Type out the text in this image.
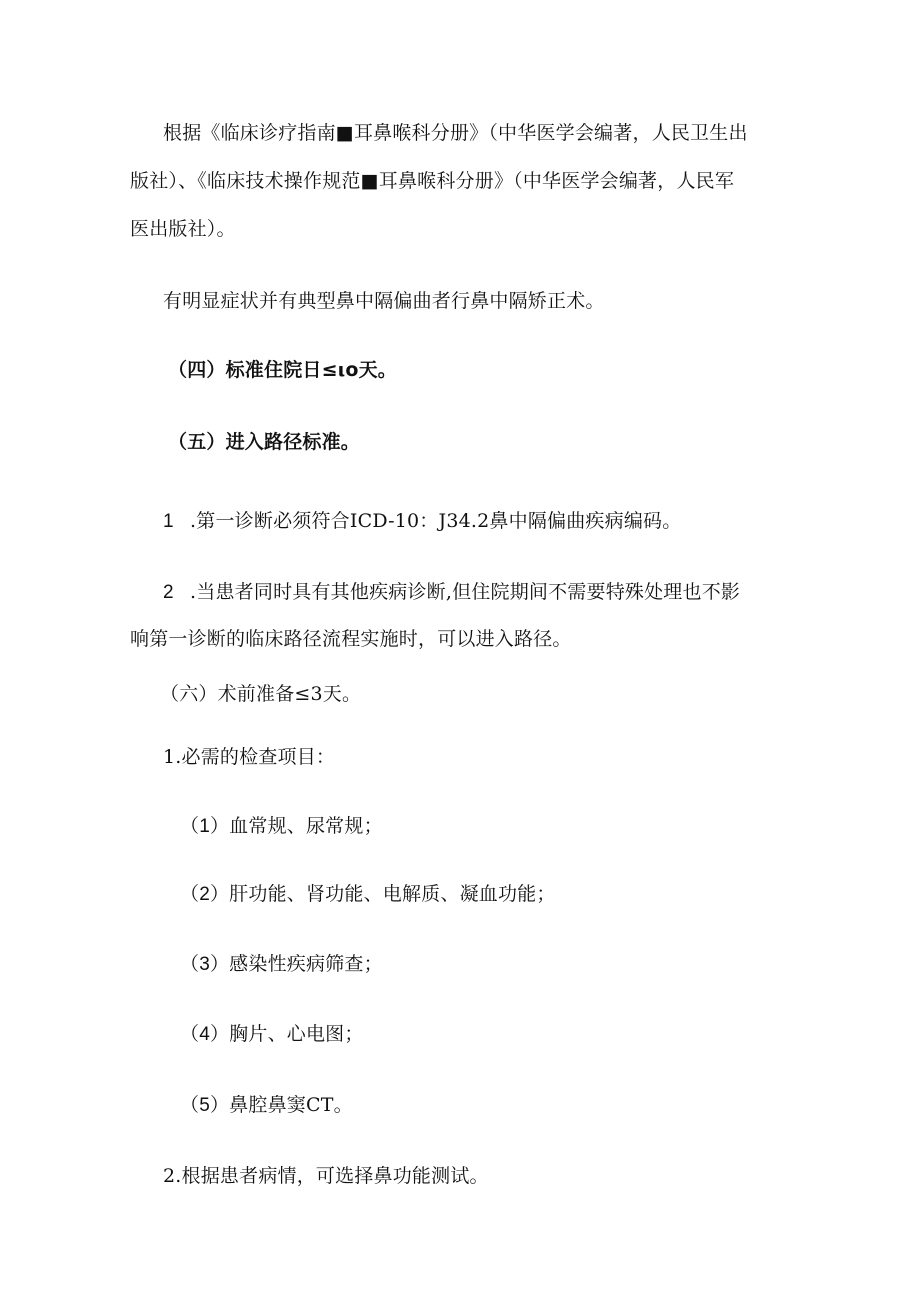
根据《临床诊疗指南■耳鼻喉科分册》（中华医学会编著，人民卫生出
版社）、《临床技术操作规范■耳鼻喉科分册》（中华医学会编著，人民军
医出版社）。
有明显症状并有典型鼻中隔偏曲者行鼻中隔矫正术。
（四）标准住院日≤ιo天。
（五）进入路径标准。
1 .第一诊断必须符合ICD-10：J34.2鼻中隔偏曲疾病编码。
2 .当患者同时具有其他疾病诊断,但住院期间不需要特殊处理也不影
响第一诊断的临床路径流程实施时，可以进入路径。
（六）术前准备≤3天。
1.必需的检查项目：
（1）血常规、尿常规；
（2）肝功能、肾功能、电解质、凝血功能；
（3）感染性疾病筛查；
（4）胸片、心电图；
（5）鼻腔鼻窦CT。
2.根据患者病情，可选择鼻功能测试。
